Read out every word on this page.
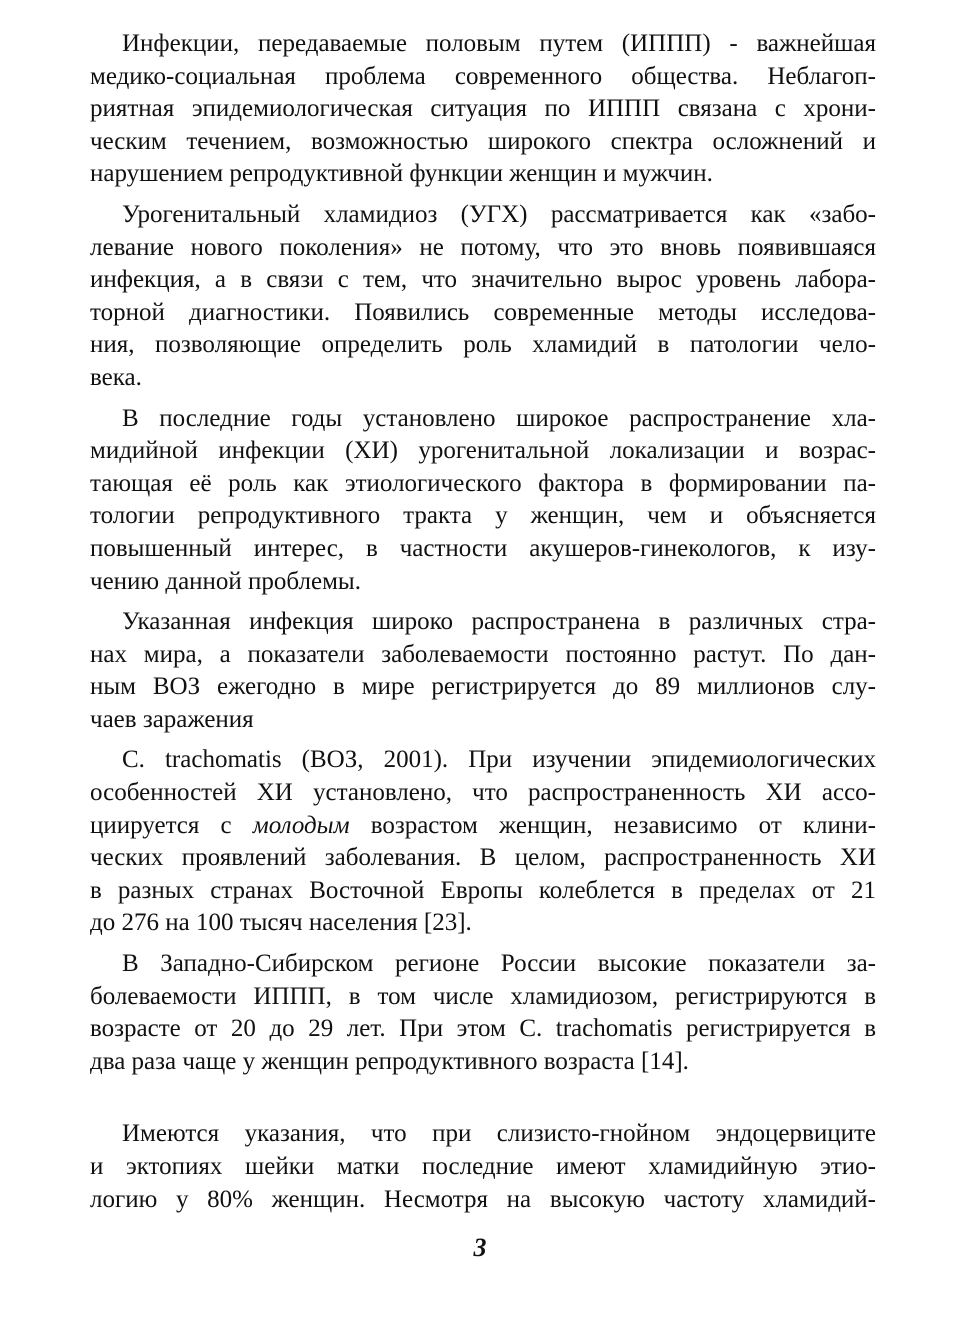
Инфекции, передаваемые половым путем (ИППП) - важнейшая
медико-социальная проблема современного общества. Неблагоп-
риятная эпидемиологическая ситуация по ИППП связана с хрони-
ческим течением, возможностью широкого спектра осложнений и
нарушением репродуктивной функции женщин и мужчин.
Урогенитальный хламидиоз (УГХ) рассматривается как «забо-
левание нового поколения» не потому, что это вновь появившаяся
инфекция, а в связи с тем, что значительно вырос уровень лабора-
торной диагностики. Появились современные методы исследова-
ния, позволяющие определить роль хламидий в патологии чело-
века.
В последние годы установлено широкое распространение хла-
мидийной инфекции (ХИ) урогенитальной локализации и возрас-
тающая её роль как этиологического фактора в формировании па-
тологии репродуктивного тракта у женщин, чем и объясняется
повышенный интерес, в частности акушеров-гинекологов, к изу-
чению данной проблемы.
Указанная инфекция широко распространена в различных стра-
нах мира, а показатели заболеваемости постоянно растут. По дан-
ным ВОЗ ежегодно в мире регистрируется до 89 миллионов слу-
чаев заражения
C. trachomatis (ВОЗ, 2001). При изучении эпидемиологических
особенностей ХИ установлено, что распространенность ХИ ассо-
циируется с молодым возрастом женщин, независимо от клини-
ческих проявлений заболевания. В целом, распространенность ХИ
в разных странах Восточной Европы колеблется в пределах от 21
до 276 на 100 тысяч населения [23].
В Западно-Сибирском регионе России высокие показатели за-
болеваемости ИППП, в том числе хламидиозом, регистрируются в
возрасте от 20 до 29 лет. При этом C. trachomatis регистрируется в
два раза чаще у женщин репродуктивного возраста [14].
Имеются указания, что при слизисто-гнойном эндоцервиците
и эктопиях шейки матки последние имеют хламидийную этио-
логию у 80% женщин. Несмотря на высокую частоту хламидий-
3
